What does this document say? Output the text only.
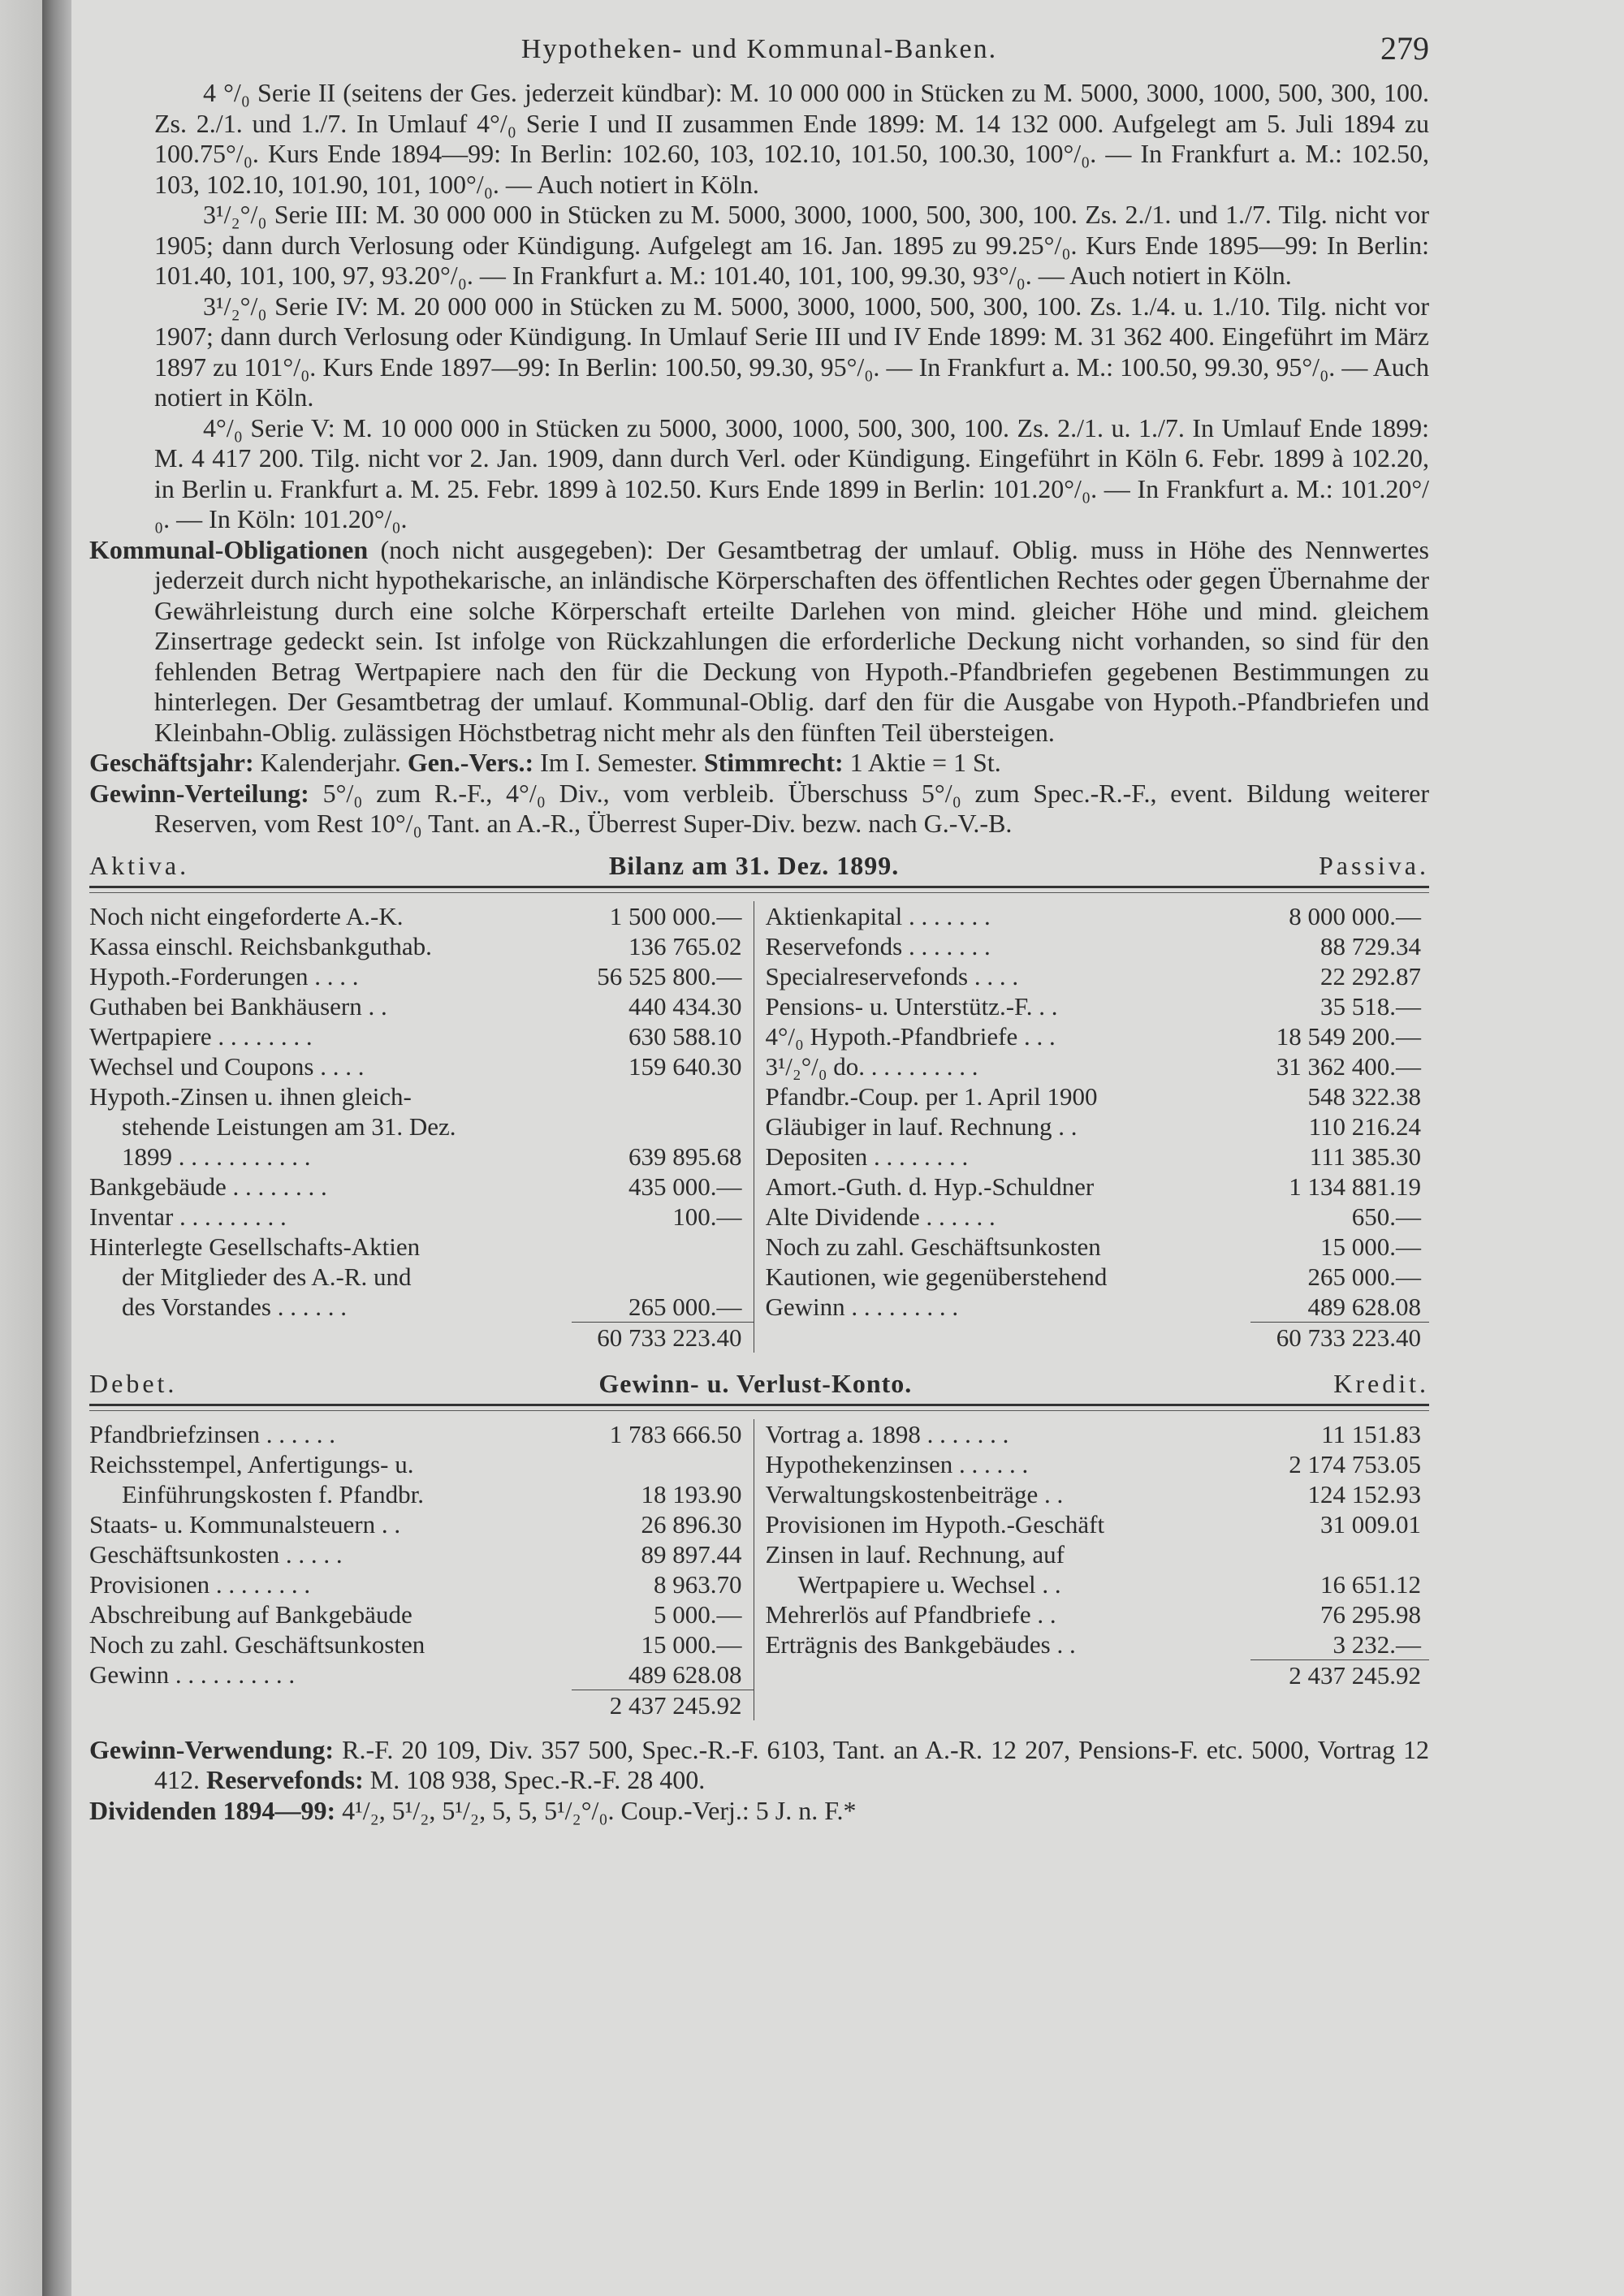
Hypotheken- und Kommunal-Banken.	279

4 °/₀ Serie II (seitens der Ges. jederzeit kündbar): M. 10 000 000 in Stücken zu M. 5000, 3000, 1000, 500, 300, 100. Zs. 2./1. und 1./7. In Umlauf 4°/₀ Serie I und II zusammen Ende 1899: M. 14 132 000. Aufgelegt am 5. Juli 1894 zu 100.75°/₀. Kurs Ende 1894—99: In Berlin: 102.60, 103, 102.10, 101.50, 100.30, 100°/₀. — In Frankfurt a. M.: 102.50, 103, 102.10, 101.90, 101, 100°/₀. — Auch notiert in Köln.

3¹/₂°/₀ Serie III: M. 30 000 000 in Stücken zu M. 5000, 3000, 1000, 500, 300, 100. Zs. 2./1. und 1./7. Tilg. nicht vor 1905; dann durch Verlosung oder Kündigung. Aufgelegt am 16. Jan. 1895 zu 99.25°/₀. Kurs Ende 1895—99: In Berlin: 101.40, 101, 100, 97, 93.20°/₀. — In Frankfurt a. M.: 101.40, 101, 100, 99.30, 93°/₀. — Auch notiert in Köln.

3¹/₂°/₀ Serie IV: M. 20 000 000 in Stücken zu M. 5000, 3000, 1000, 500, 300, 100. Zs. 1./4. u. 1./10. Tilg. nicht vor 1907; dann durch Verlosung oder Kündigung. In Umlauf Serie III und IV Ende 1899: M. 31 362 400. Eingeführt im März 1897 zu 101°/₀. Kurs Ende 1897—99: In Berlin: 100.50, 99.30, 95°/₀. — In Frankfurt a. M.: 100.50, 99.30, 95°/₀. — Auch notiert in Köln.

4°/₀ Serie V: M. 10 000 000 in Stücken zu 5000, 3000, 1000, 500, 300, 100. Zs. 2./1. u. 1./7. In Umlauf Ende 1899: M. 4 417 200. Tilg. nicht vor 2. Jan. 1909, dann durch Verl. oder Kündigung. Eingeführt in Köln 6. Febr. 1899 à 102.20, in Berlin u. Frankfurt a. M. 25. Febr. 1899 à 102.50. Kurs Ende 1899 in Berlin: 101.20°/₀. — In Frankfurt a. M.: 101.20°/₀. — In Köln: 101.20°/₀.

Kommunal-Obligationen (noch nicht ausgegeben): Der Gesamtbetrag der umlauf. Oblig. muss in Höhe des Nennwertes jederzeit durch nicht hypothekarische, an inländische Körperschaften des öffentlichen Rechtes oder gegen Übernahme der Gewährleistung durch eine solche Körperschaft erteilte Darlehen von mind. gleicher Höhe und mind. gleichem Zinsertrage gedeckt sein. Ist infolge von Rückzahlungen die erforderliche Deckung nicht vorhanden, so sind für den fehlenden Betrag Wertpapiere nach den für die Deckung von Hypoth.-Pfandbriefen gegebenen Bestimmungen zu hinterlegen. Der Gesamtbetrag der umlauf. Kommunal-Oblig. darf den für die Ausgabe von Hypoth.-Pfandbriefen und Kleinbahn-Oblig. zulässigen Höchstbetrag nicht mehr als den fünften Teil übersteigen.

Geschäftsjahr: Kalenderjahr. Gen.-Vers.: Im I. Semester. Stimmrecht: 1 Aktie = 1 St.

Gewinn-Verteilung: 5°/₀ zum R.-F., 4°/₀ Div., vom verbleib. Überschuss 5°/₀ zum Spec.-R.-F., event. Bildung weiterer Reserven, vom Rest 10°/₀ Tant. an A.-R., Überrest Super-Div. bezw. nach G.-V.-B.

Aktiva.	Bilanz am 31. Dez. 1899.	Passiva.
Noch nicht eingeforderte A.-K.	1 500 000.—
Kassa einschl. Reichsbankguthab.	136 765.02
Hypoth.-Forderungen . . . .	56 525 800.—
Guthaben bei Bankhäusern . .	440 434.30
Wertpapiere . . . . . . . .	630 588.10
Wechsel und Coupons . . . .	159 640.30
Hypoth.-Zinsen u. ihnen gleich-
stehende Leistungen am 31. Dez.
1899 . . . . . . . . . . .	639 895.68
Bankgebäude . . . . . . . .	435 000.—
Inventar . . . . . . . . .	100.—
Hinterlegte Gesellschafts-Aktien
der Mitglieder des A.-R. und
des Vorstandes . . . . . .	265 000.—
60 733 223.40
Aktienkapital . . . . . . .	8 000 000.—
Reservefonds . . . . . . .	88 729.34
Specialreservefonds . . . .	22 292.87
Pensions- u. Unterstütz.-F. . .	35 518.—
4°/₀ Hypoth.-Pfandbriefe . . .	18 549 200.—
3¹/₂°/₀ do. . . . . . . . . .	31 362 400.—
Pfandbr.-Coup. per 1. April 1900	548 322.38
Gläubiger in lauf. Rechnung . .	110 216.24
Depositen . . . . . . . .	111 385.30
Amort.-Guth. d. Hyp.-Schuldner	1 134 881.19
Alte Dividende . . . . . .	650.—
Noch zu zahl. Geschäftsunkosten	15 000.—
Kautionen, wie gegenüberstehend	265 000.—
Gewinn . . . . . . . . .	489 628.08
60 733 223.40
Debet.	Gewinn- u. Verlust-Konto.	Kredit.
Pfandbriefzinsen . . . . . .	1 783 666.50
Reichsstempel, Anfertigungs- u.
Einführungskosten f. Pfandbr.	18 193.90
Staats- u. Kommunalsteuern . .	26 896.30
Geschäftsunkosten . . . . .	89 897.44
Provisionen . . . . . . . .	8 963.70
Abschreibung auf Bankgebäude	5 000.—
Noch zu zahl. Geschäftsunkosten	15 000.—
Gewinn . . . . . . . . . .	489 628.08
2 437 245.92
Vortrag a. 1898 . . . . . . .	11 151.83
Hypothekenzinsen . . . . . .	2 174 753.05
Verwaltungskostenbeiträge . .	124 152.93
Provisionen im Hypoth.-Geschäft	31 009.01
Zinsen in lauf. Rechnung, auf
Wertpapiere u. Wechsel . .	16 651.12
Mehrerlös auf Pfandbriefe . .	76 295.98
Erträgnis des Bankgebäudes . .	3 232.—
2 437 245.92

Gewinn-Verwendung: R.-F. 20 109, Div. 357 500, Spec.-R.-F. 6103, Tant. an A.-R. 12 207, Pensions-F. etc. 5000, Vortrag 12 412. Reservefonds: M. 108 938, Spec.-R.-F. 28 400.

Dividenden 1894—99: 4¹/₂, 5¹/₂, 5¹/₂, 5, 5, 5¹/₂°/₀. Coup.-Verj.: 5 J. n. F.*
